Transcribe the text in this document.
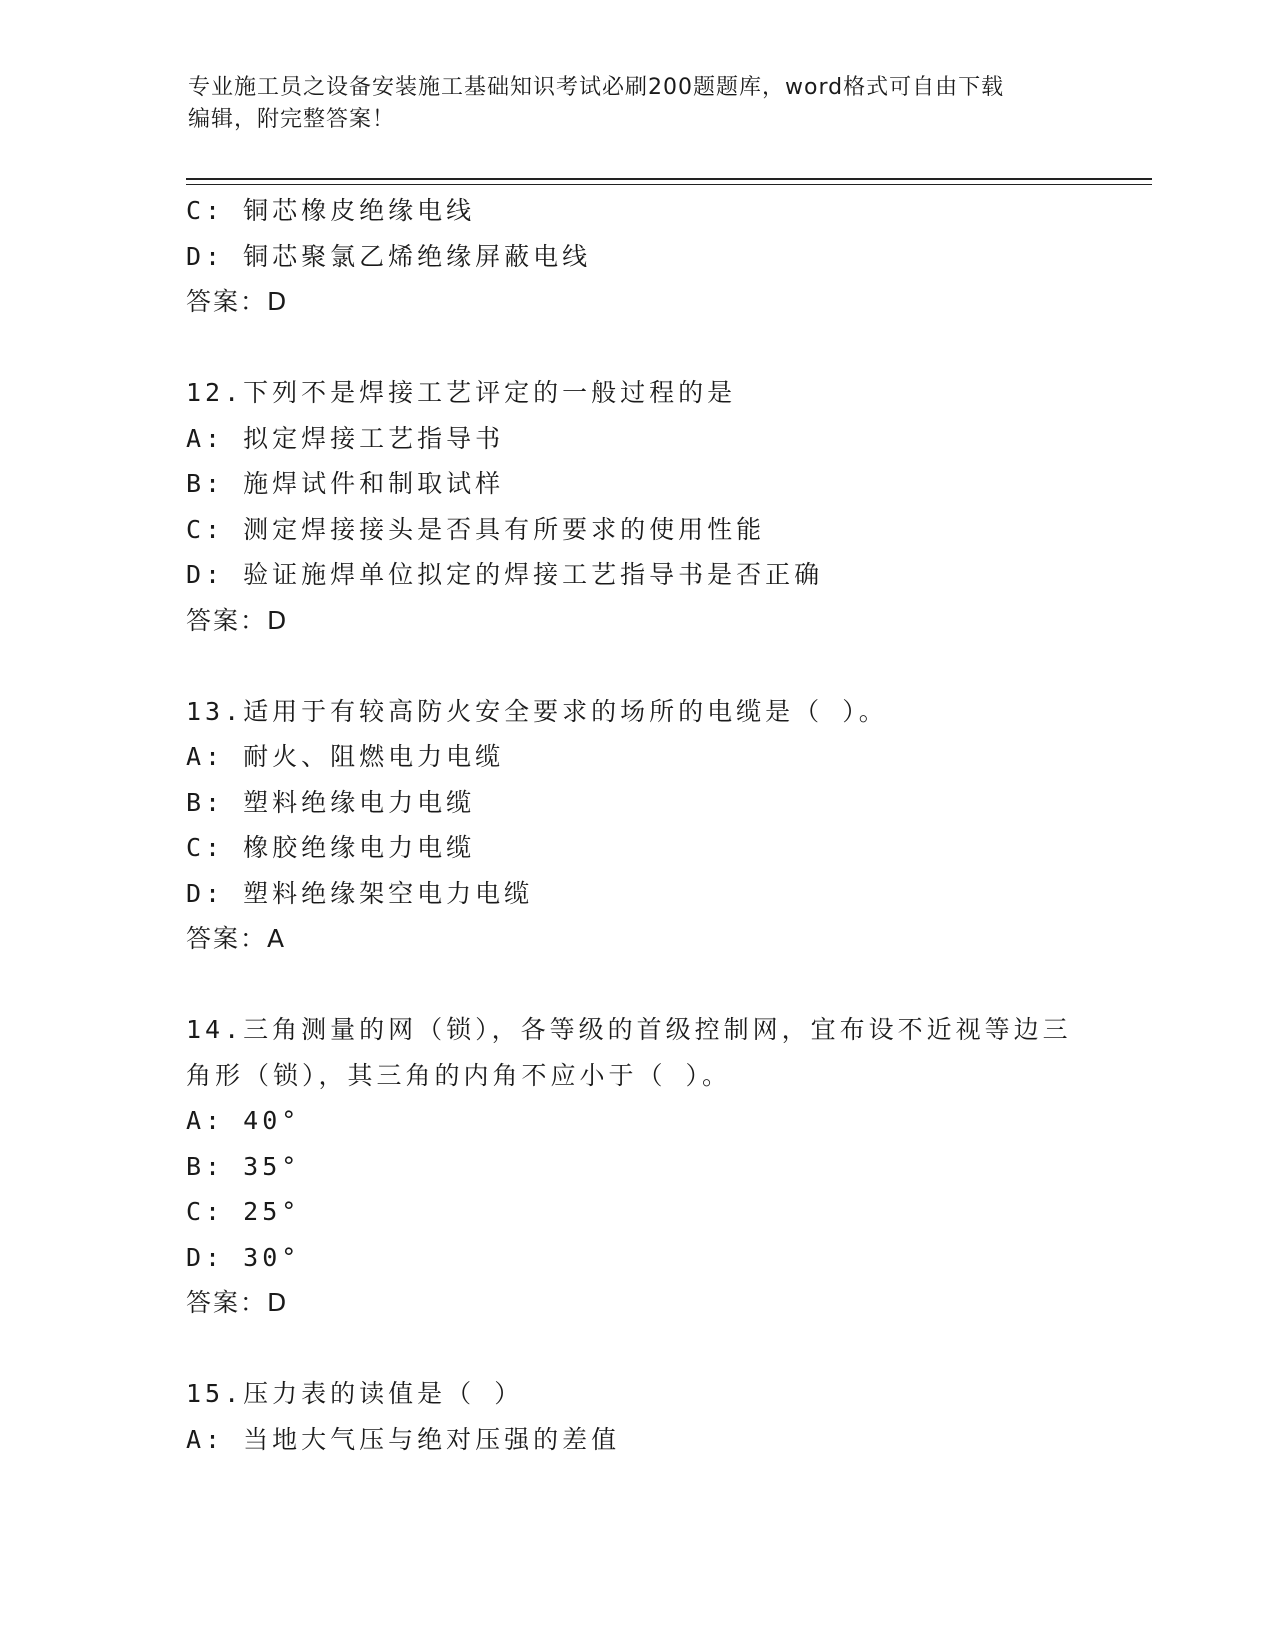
专业施工员之设备安装施工基础知识考试必刷200题题库，word格式可自由下载
编辑，附完整答案！
C: 铜芯橡皮绝缘电线
D: 铜芯聚氯乙烯绝缘屏蔽电线
答案：D
12.下列不是焊接工艺评定的一般过程的是
A: 拟定焊接工艺指导书
B: 施焊试件和制取试样
C: 测定焊接接头是否具有所要求的使用性能
D: 验证施焊单位拟定的焊接工艺指导书是否正确
答案：D
13.适用于有较高防火安全要求的场所的电缆是（ ）。
A: 耐火、阻燃电力电缆
B: 塑料绝缘电力电缆
C: 橡胶绝缘电力电缆
D: 塑料绝缘架空电力电缆
答案：A
14.三角测量的网（锁），各等级的首级控制网，宜布设不近视等边三
角形（锁），其三角的内角不应小于（ ）。
A: 40°
B: 35°
C: 25°
D: 30°
答案：D
15.压力表的读值是（ ）
A: 当地大气压与绝对压强的差值
